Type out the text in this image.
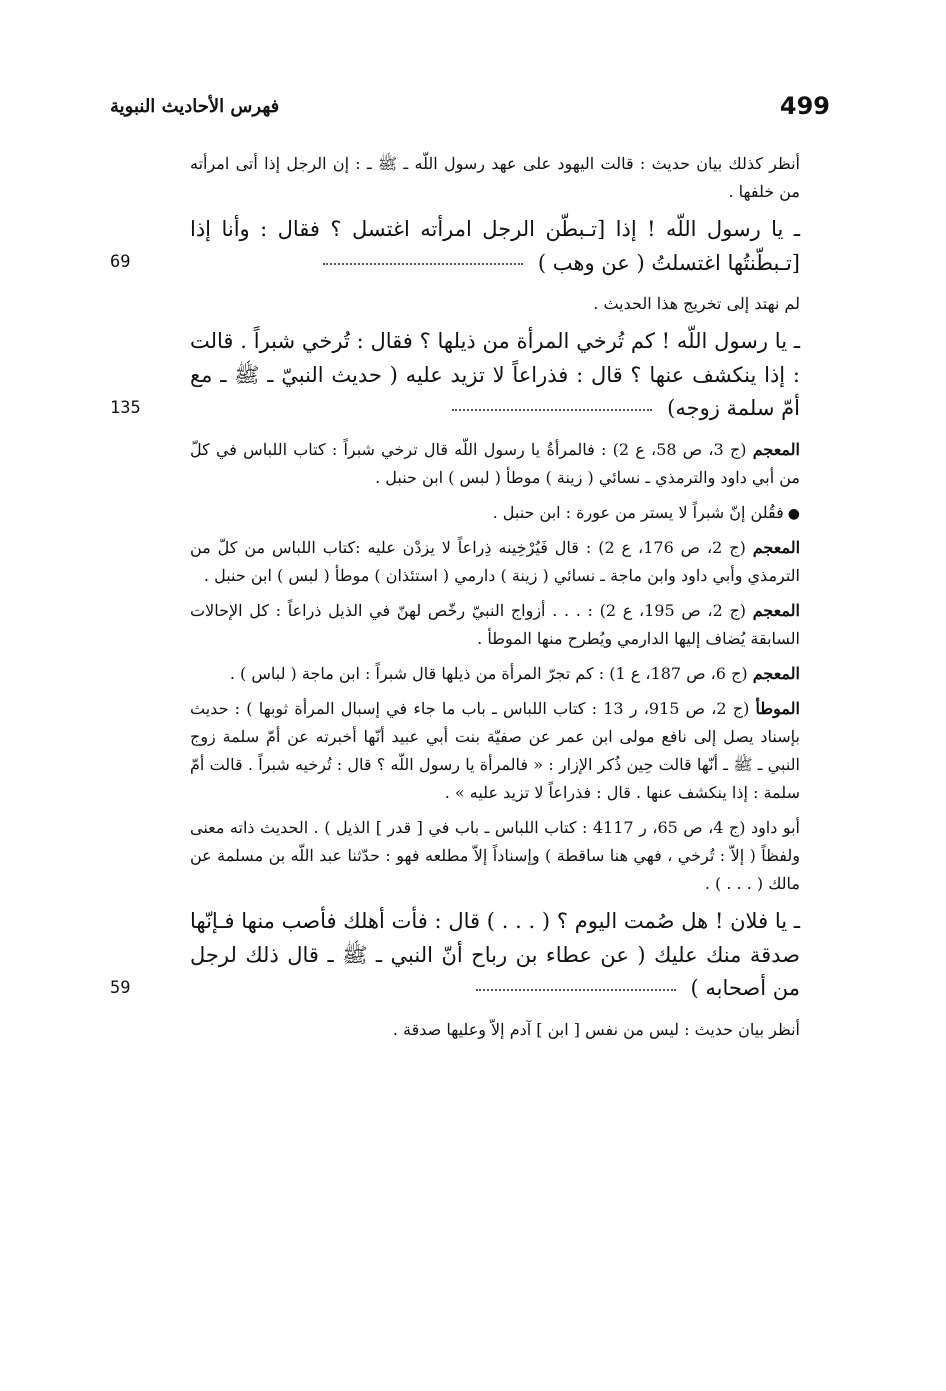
499
فهرس الأحاديث النبوية

أنظر كذلك بيان حديث : قالت اليهود على عهد رسول اللّه ـ ﷺ ـ : إن الرجل إذا أتى امرأته من خلفها .

ـ يا رسول اللّه ! إذا [تـبطّن الرجل امرأته اغتسل ؟ فقال : وأنا إذا [تـبطّنتُها اغتسلتُ ( عن وهب )
69

لم نهتد إلى تخريج هذا الحديث .

ـ يا رسول اللّه ! كم تُرخي المرأة من ذيلها ؟ فقال : تُرخي شبراً . قالت : إذا ينكشف عنها ؟ قال : فذراعاً لا تزيد عليه ( حديث النبيّ ـ ﷺ ـ مع أمّ سلمة زوجه)
135

المعجم (ج 3، ص 58، ع 2) : فالمرأةُ يا رسول اللّه قال ترخي شبراً : كتاب اللباس في كلّ من أبي داود والترمذي ـ نسائي ( زينة ) موطأ ( لبس ) ابن حنبل .

●فقُلن إنّ شبراً لا يستر من عورة : ابن حنبل .

المعجم (ج 2، ص 176، ع 2) : قال فَيُرْخِينه ذِراعاً لا يزدْن عليه :كتاب اللباس من كلّ من الترمذي وأبي داود وابن ماجة ـ نسائي ( زينة ) دارمي ( استئذان ) موطأ ( لبس ) ابن حنبل .

المعجم (ج 2، ص 195، ع 2) : . . . أزواج النبيّ رخّص لهنّ في الذيل ذراعاً : كل الإحالات السابقة يُضاف إليها الدارمي ويُطرح منها الموطأ .

المعجم (ج 6، ص 187، ع 1) : كم تجرّ المرأة من ذيلها قال شبراً : ابن ماجة ( لباس ) .

الموطأ (ج 2، ص 915، ر 13 : كتاب اللباس ـ باب ما جاء في إسبال المرأة ثوبها ) : حديث بإسناد يصل إلى نافع مولى ابن عمر عن صفيّة بنت أبي عبيد أنّها أخبرته عن أمّ سلمة زوج النبي ـ ﷺ ـ أنّها قالت حِين ذُكر الإزار : « فالمرأة يا رسول اللّه ؟ قال : تُرخيه شبراً . قالت أمّ سلمة : إذا ينكشف عنها . قال : فذراعاً لا تزيد عليه » .

أبو داود (ج 4، ص 65، ر 4117 : كتاب اللباس ـ باب في [ قدر ] الذيل ) . الحديث ذاته معنى ولفظاً ( إلاّ : تُرخي ، فهي هنا ساقطة ) وإسناداً إلاّ مطلعه فهو : حدّثنا عبد اللّه بن مسلمة عن مالك ( . . . ) .

ـ يا فلان ! هل صُمت اليوم ؟ ( . . . ) قال : فأت أهلك فأصب منها فـإنّها صدقة منك عليك ( عن عطاء بن رباح أنّ النبي ـ ﷺ ـ قال ذلك لرجل من أصحابه )
59

أنظر بيان حديث : ليس من نفس [ ابن ] آدم إلاّ وعليها صدقة .
